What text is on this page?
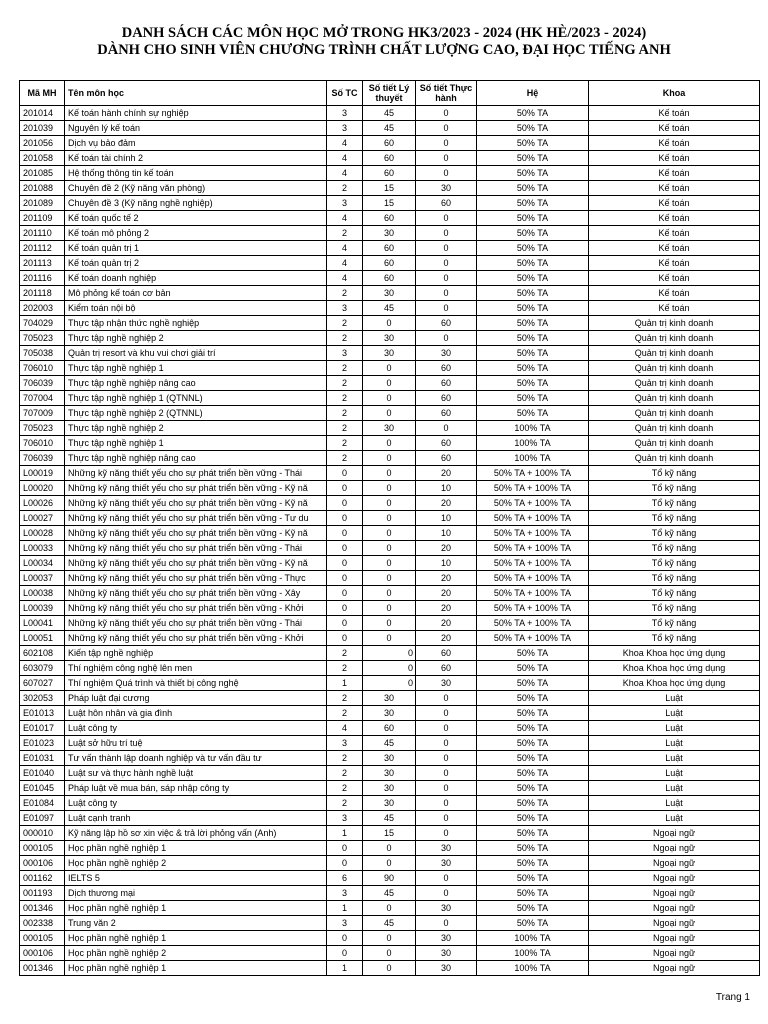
DANH SÁCH CÁC MÔN HỌC MỞ TRONG HK3/2023 - 2024 (HK HÈ/2023 - 2024)
DÀNH CHO SINH VIÊN CHƯƠNG TRÌNH CHẤT LƯỢNG CAO, ĐẠI HỌC TIẾNG ANH
Mã MH	Tên môn học	Số TC	Số tiết Lý thuyết	Số tiết Thực hành	Hệ	Khoa
201014	Kế toán hành chính sự nghiệp	3	45	0	50% TA	Kế toán
201039	Nguyên lý kế toán	3	45	0	50% TA	Kế toán
201056	Dịch vụ bảo đảm	4	60	0	50% TA	Kế toán
201058	Kế toán tài chính 2	4	60	0	50% TA	Kế toán
201085	Hệ thống thông tin kế toán	4	60	0	50% TA	Kế toán
201088	Chuyên đề 2 (Kỹ năng văn phòng)	2	15	30	50% TA	Kế toán
201089	Chuyên đề 3 (Kỹ năng nghề nghiệp)	3	15	60	50% TA	Kế toán
201109	Kế toán quốc tế 2	4	60	0	50% TA	Kế toán
201110	Kế toán mô phỏng 2	2	30	0	50% TA	Kế toán
201112	Kế toán quản trị 1	4	60	0	50% TA	Kế toán
201113	Kế toán quản trị 2	4	60	0	50% TA	Kế toán
201116	Kế toán doanh nghiệp	4	60	0	50% TA	Kế toán
201118	Mô phỏng kế toán cơ bản	2	30	0	50% TA	Kế toán
202003	Kiểm toán nội bộ	3	45	0	50% TA	Kế toán
704029	Thực tập nhận thức nghề nghiệp	2	0	60	50% TA	Quản trị kinh doanh
705023	Thực tập nghề nghiệp 2	2	30	0	50% TA	Quản trị kinh doanh
705038	Quản trị resort và khu vui chơi giải trí	3	30	30	50% TA	Quản trị kinh doanh
706010	Thực tập nghề nghiệp 1	2	0	60	50% TA	Quản trị kinh doanh
706039	Thực tập nghề nghiệp nâng cao	2	0	60	50% TA	Quản trị kinh doanh
707004	Thực tập nghề nghiệp 1 (QTNNL)	2	0	60	50% TA	Quản trị kinh doanh
707009	Thực tập nghề nghiệp 2 (QTNNL)	2	0	60	50% TA	Quản trị kinh doanh
705023	Thực tập nghề nghiệp 2	2	30	0	100% TA	Quản trị kinh doanh
706010	Thực tập nghề nghiệp 1	2	0	60	100% TA	Quản trị kinh doanh
706039	Thực tập nghề nghiệp nâng cao	2	0	60	100% TA	Quản trị kinh doanh
L00019	Những kỹ năng thiết yếu cho sự phát triển bền vững - Thái	0	0	20	50% TA + 100% TA	Tổ kỹ năng
L00020	Những kỹ năng thiết yếu cho sự phát triển bền vững - Kỹ nă	0	0	10	50% TA + 100% TA	Tổ kỹ năng
L00026	Những kỹ năng thiết yếu cho sự phát triển bền vững - Kỹ nă	0	0	20	50% TA + 100% TA	Tổ kỹ năng
L00027	Những kỹ năng thiết yếu cho sự phát triển bền vững - Tư du	0	0	10	50% TA + 100% TA	Tổ kỹ năng
L00028	Những kỹ năng thiết yếu cho sự phát triển bền vững - Kỹ nă	0	0	10	50% TA + 100% TA	Tổ kỹ năng
L00033	Những kỹ năng thiết yếu cho sự phát triển bền vững - Thái	0	0	20	50% TA + 100% TA	Tổ kỹ năng
L00034	Những kỹ năng thiết yếu cho sự phát triển bền vững - Kỹ nă	0	0	10	50% TA + 100% TA	Tổ kỹ năng
L00037	Những kỹ năng thiết yếu cho sự phát triển bền vững - Thực	0	0	20	50% TA + 100% TA	Tổ kỹ năng
L00038	Những kỹ năng thiết yếu cho sự phát triển bền vững - Xây	0	0	20	50% TA + 100% TA	Tổ kỹ năng
L00039	Những kỹ năng thiết yếu cho sự phát triển bền vững - Khởi	0	0	20	50% TA + 100% TA	Tổ kỹ năng
L00041	Những kỹ năng thiết yếu cho sự phát triển bền vững - Thái	0	0	20	50% TA + 100% TA	Tổ kỹ năng
L00051	Những kỹ năng thiết yếu cho sự phát triển bền vững - Khởi	0	0	20	50% TA + 100% TA	Tổ kỹ năng
602108	Kiến tập nghề nghiệp	2	0	60	50% TA	Khoa Khoa học ứng dụng
603079	Thí nghiệm công nghệ lên men	2	0	60	50% TA	Khoa Khoa học ứng dụng
607027	Thí nghiệm Quá trình và thiết bị công nghệ	1	0	30	50% TA	Khoa Khoa học ứng dụng
302053	Pháp luật đại cương	2	30	0	50% TA	Luật
E01013	Luật hôn nhân và gia đình	2	30	0	50% TA	Luật
E01017	Luật công ty	4	60	0	50% TA	Luật
E01023	Luật sở hữu trí tuệ	3	45	0	50% TA	Luật
E01031	Tư vấn thành lập doanh nghiệp và tư vấn đầu tư	2	30	0	50% TA	Luật
E01040	Luật sư và thực hành nghề luật	2	30	0	50% TA	Luật
E01045	Pháp luật về mua bán, sáp nhập công ty	2	30	0	50% TA	Luật
E01084	Luật công ty	2	30	0	50% TA	Luật
E01097	Luật cạnh tranh	3	45	0	50% TA	Luật
000010	Kỹ năng lập hồ sơ xin việc & trả lời phỏng vấn (Anh)	1	15	0	50% TA	Ngoại ngữ
000105	Học phần nghề nghiệp 1	0	0	30	50% TA	Ngoại ngữ
000106	Học phần nghề nghiệp 2	0	0	30	50% TA	Ngoại ngữ
001162	IELTS 5	6	90	0	50% TA	Ngoại ngữ
001193	Dịch thương mại	3	45	0	50% TA	Ngoại ngữ
001346	Học phần nghề nghiệp 1	1	0	30	50% TA	Ngoại ngữ
002338	Trung văn 2	3	45	0	50% TA	Ngoại ngữ
000105	Học phần nghề nghiệp 1	0	0	30	100% TA	Ngoại ngữ
000106	Học phần nghề nghiệp 2	0	0	30	100% TA	Ngoại ngữ
001346	Học phần nghề nghiệp 1	1	0	30	100% TA	Ngoại ngữ
Trang 1
